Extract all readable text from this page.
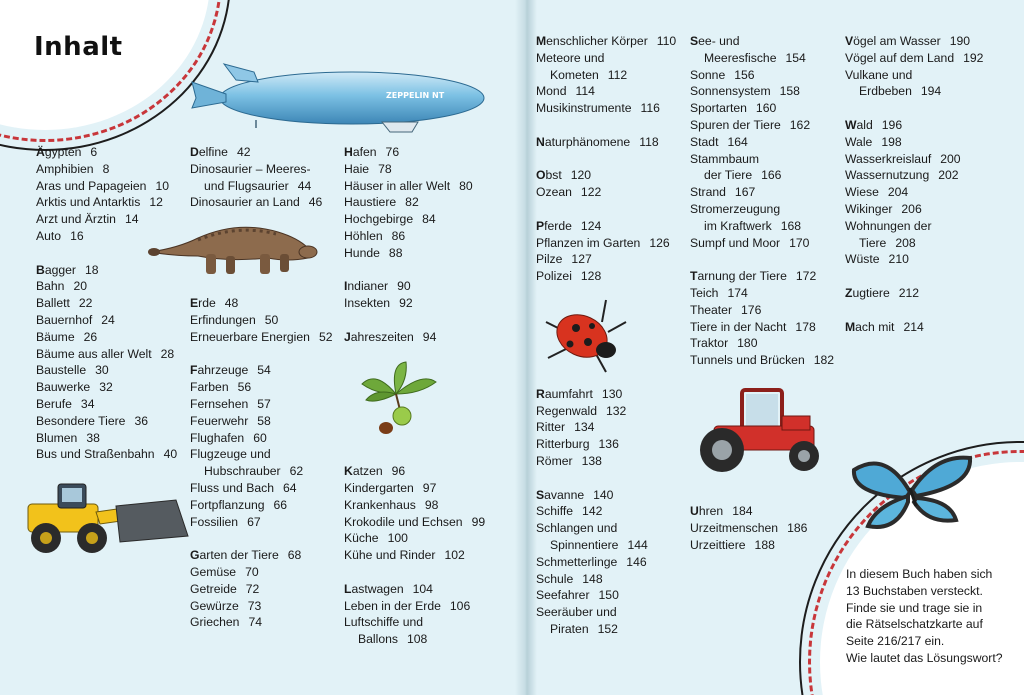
Inhalt
ZEPPELIN NT
Ägypten 6
Amphibien 8
Aras und Papageien 10
Arktis und Antarktis 12
Arzt und Ärztin 14
Auto 16
Bagger 18
Bahn 20
Ballett 22
Bauernhof 24
Bäume 26
Bäume aus aller Welt 28
Baustelle 30
Bauwerke 32
Berufe 34
Besondere Tiere 36
Blumen 38
Bus und Straßenbahn 40
Delfine 42
Dinosaurier – Meeres-
und Flugsaurier 44
Dinosaurier an Land 46
Erde 48
Erfindungen 50
Erneuerbare Energien 52
Fahrzeuge 54
Farben 56
Fernsehen 57
Feuerwehr 58
Flughafen 60
Flugzeuge und
Hubschrauber 62
Fluss und Bach 64
Fortpflanzung 66
Fossilien 67
Garten der Tiere 68
Gemüse 70
Getreide 72
Gewürze 73
Griechen 74
Hafen 76
Haie 78
Häuser in aller Welt 80
Haustiere 82
Hochgebirge 84
Höhlen 86
Hunde 88
Indianer 90
Insekten 92
Jahreszeiten 94
Katzen 96
Kindergarten 97
Krankenhaus 98
Krokodile und Echsen 99
Küche 100
Kühe und Rinder 102
Lastwagen 104
Leben in der Erde 106
Luftschiffe und
Ballons 108
Menschlicher Körper 110
Meteore und
Kometen 112
Mond 114
Musikinstrumente 116
Naturphänomene 118
Obst 120
Ozean 122
Pferde 124
Pflanzen im Garten 126
Pilze 127
Polizei 128
Raumfahrt 130
Regenwald 132
Ritter 134
Ritterburg 136
Römer 138
Savanne 140
Schiffe 142
Schlangen und
Spinnentiere 144
Schmetterlinge 146
Schule 148
Seefahrer 150
Seeräuber und
Piraten 152
See- und
Meeresfische 154
Sonne 156
Sonnensystem 158
Sportarten 160
Spuren der Tiere 162
Stadt 164
Stammbaum
der Tiere 166
Strand 167
Stromerzeugung
im Kraftwerk 168
Sumpf und Moor 170
Tarnung der Tiere 172
Teich 174
Theater 176
Tiere in der Nacht 178
Traktor 180
Tunnels und Brücken 182
Uhren 184
Urzeitmenschen 186
Urzeittiere 188
Vögel am Wasser 190
Vögel auf dem Land 192
Vulkane und
Erdbeben 194
Wald 196
Wale 198
Wasserkreislauf 200
Wassernutzung 202
Wiese 204
Wikinger 206
Wohnungen der
Tiere 208
Wüste 210
Zugtiere 212
Mach mit 214
In diesem Buch haben sich
13 Buchstaben versteckt.
Finde sie und trage sie in
die Rätselschatzkarte auf
Seite 216/217 ein.
Wie lautet das Lösungswort?
